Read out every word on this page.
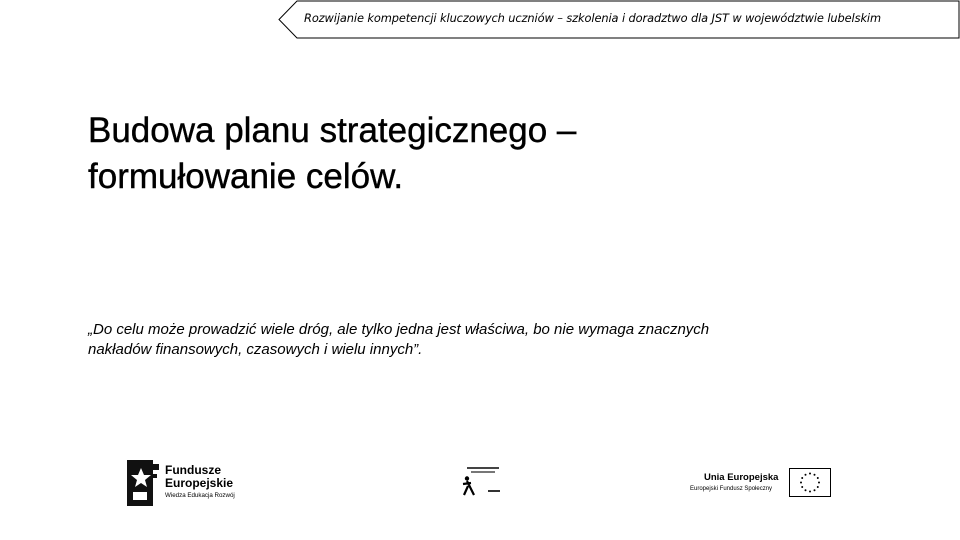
Rozwijanie kompetencji kluczowych uczniów – szkolenia i doradztwo dla JST w województwie lubelskim
Budowa planu strategicznego –
formułowanie celów.

„Do celu może prowadzić wiele dróg, ale tylko jedna jest właściwa, bo nie wymaga znacznych
nakładów finansowych, czasowych i wielu innych”.

Fundusze
Europejskie
Wiedza Edukacja Rozwój
Unia Europejska
Europejski Fundusz Społeczny
